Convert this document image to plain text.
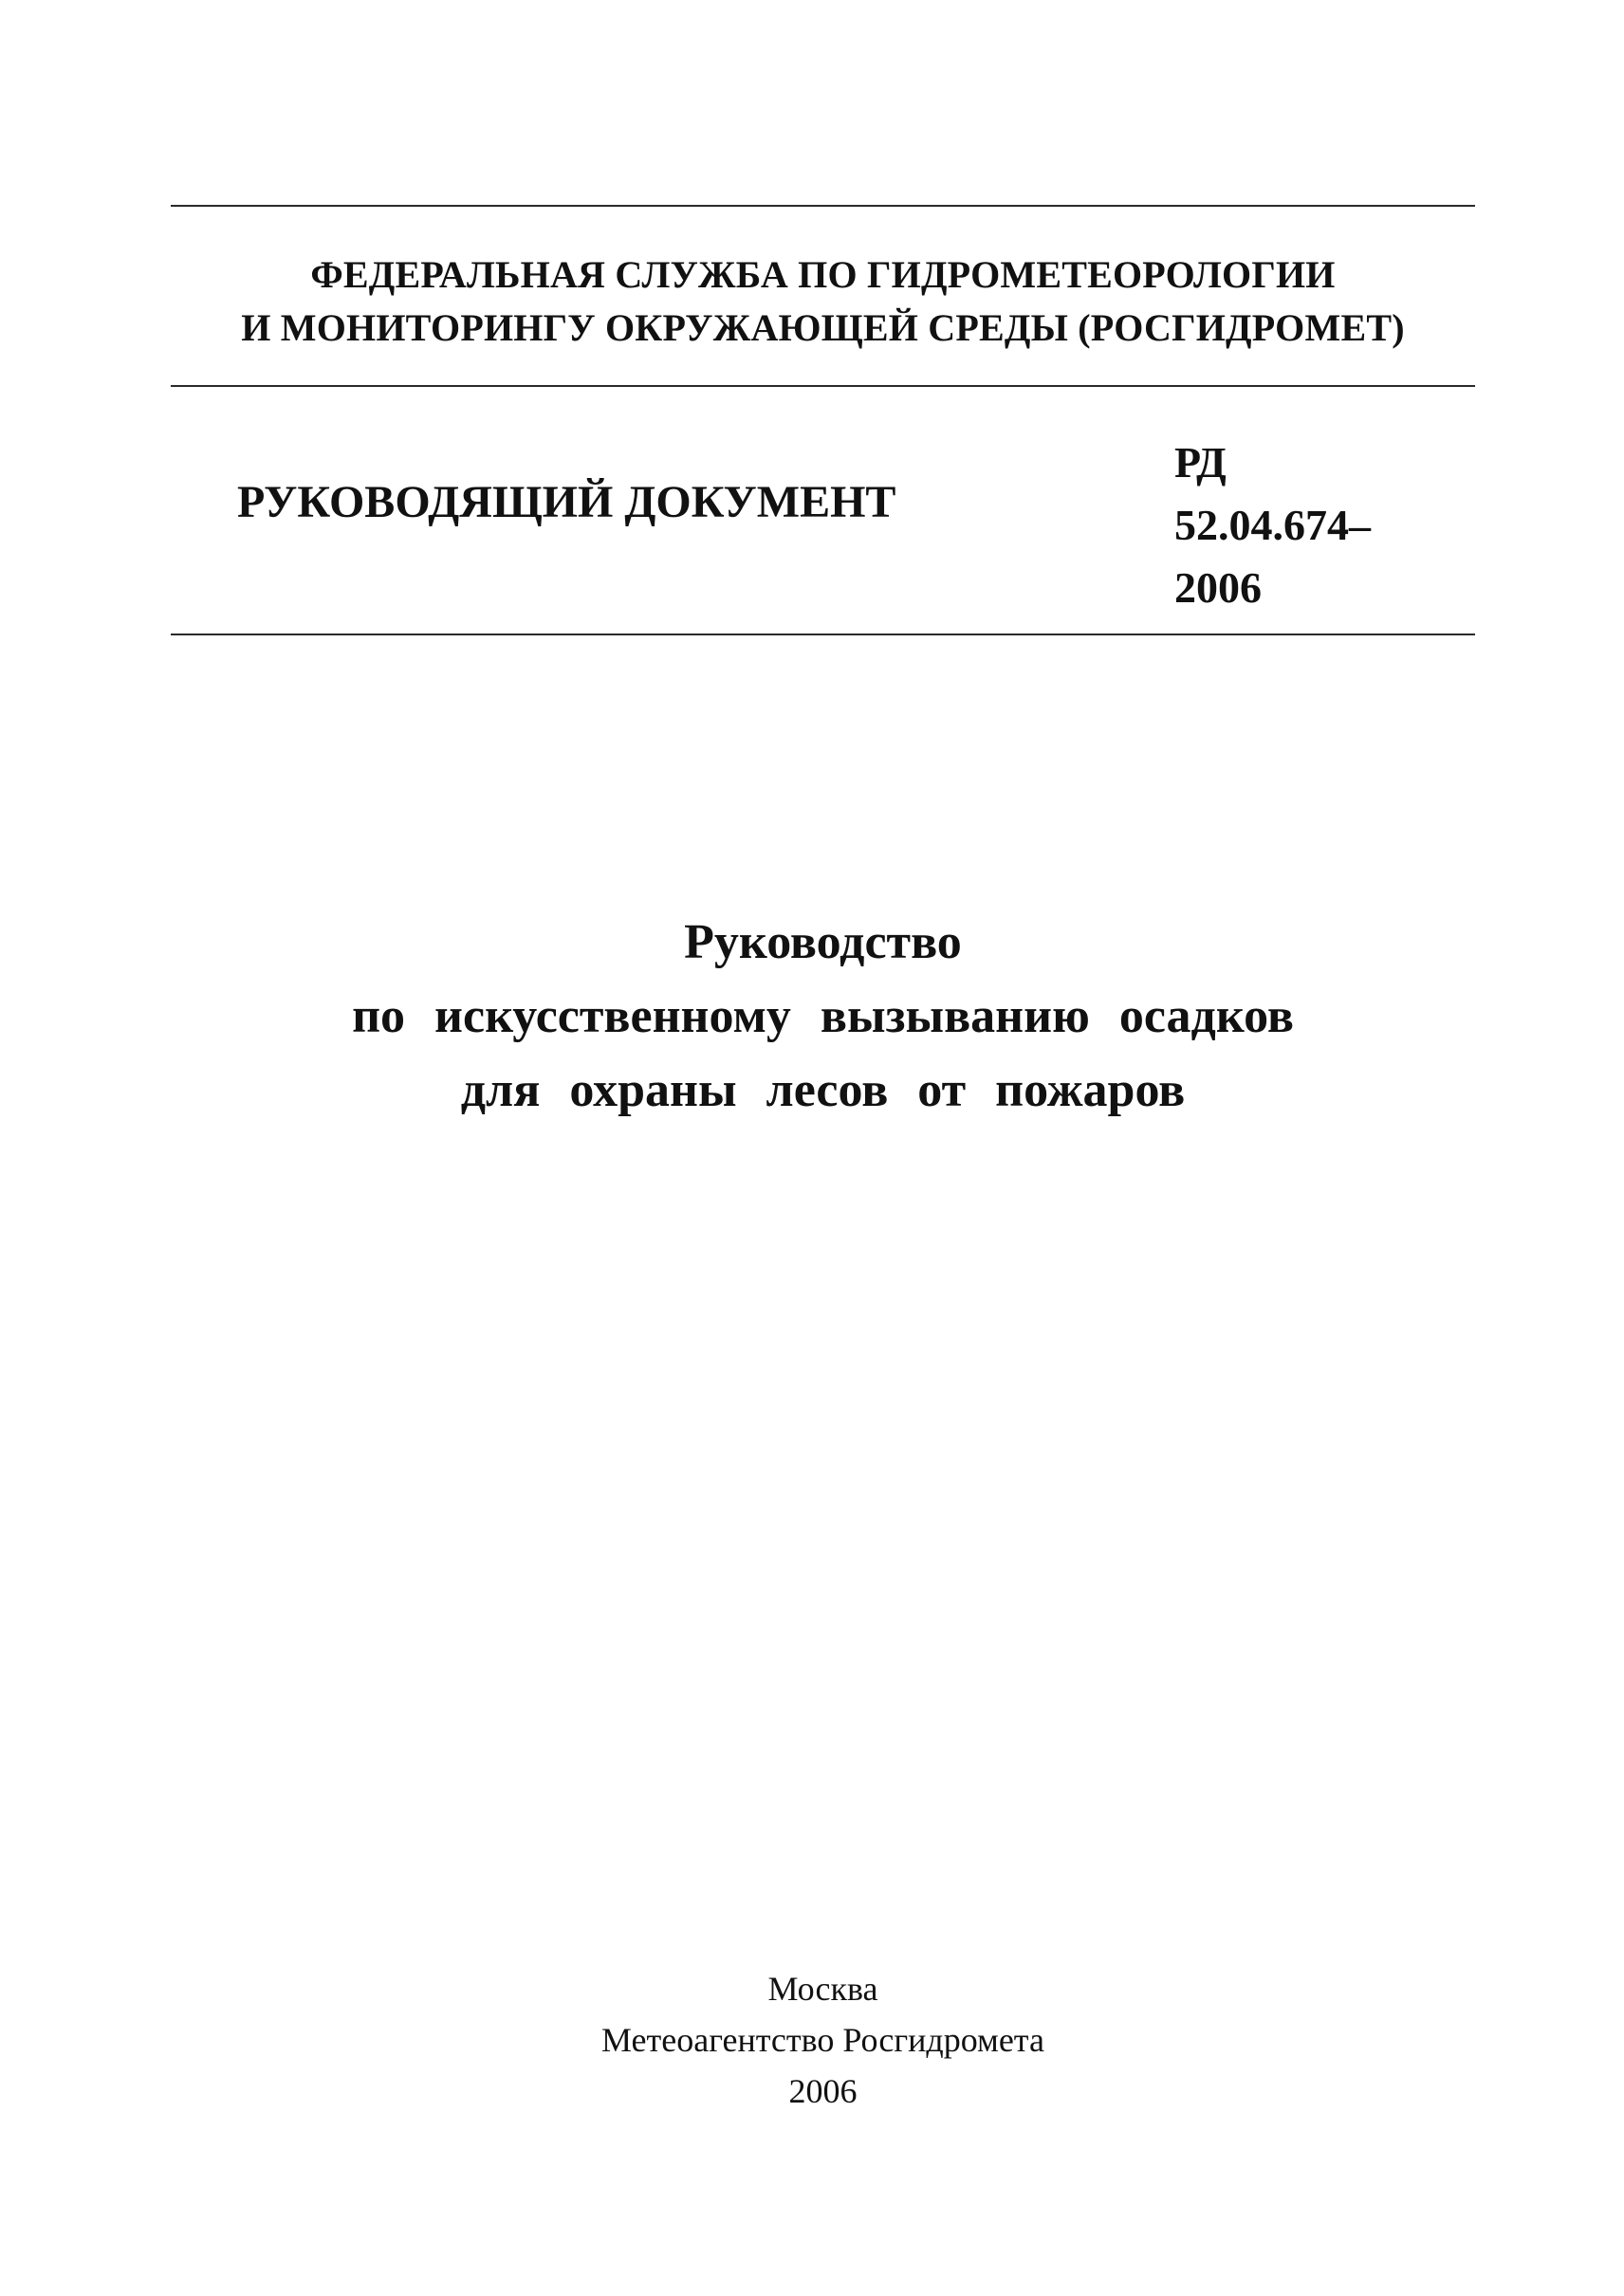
ФЕДЕРАЛЬНАЯ СЛУЖБА ПО ГИДРОМЕТЕОРОЛОГИИ
И МОНИТОРИНГУ ОКРУЖАЮЩЕЙ СРЕДЫ (РОСГИДРОМЕТ)
РУКОВОДЯЩИЙ ДОКУМЕНТ
РД
52.04.674–
2006
Руководство
по искусственному вызыванию осадков
для охраны лесов от пожаров
Москва
Метеоагентство Росгидромета
2006
